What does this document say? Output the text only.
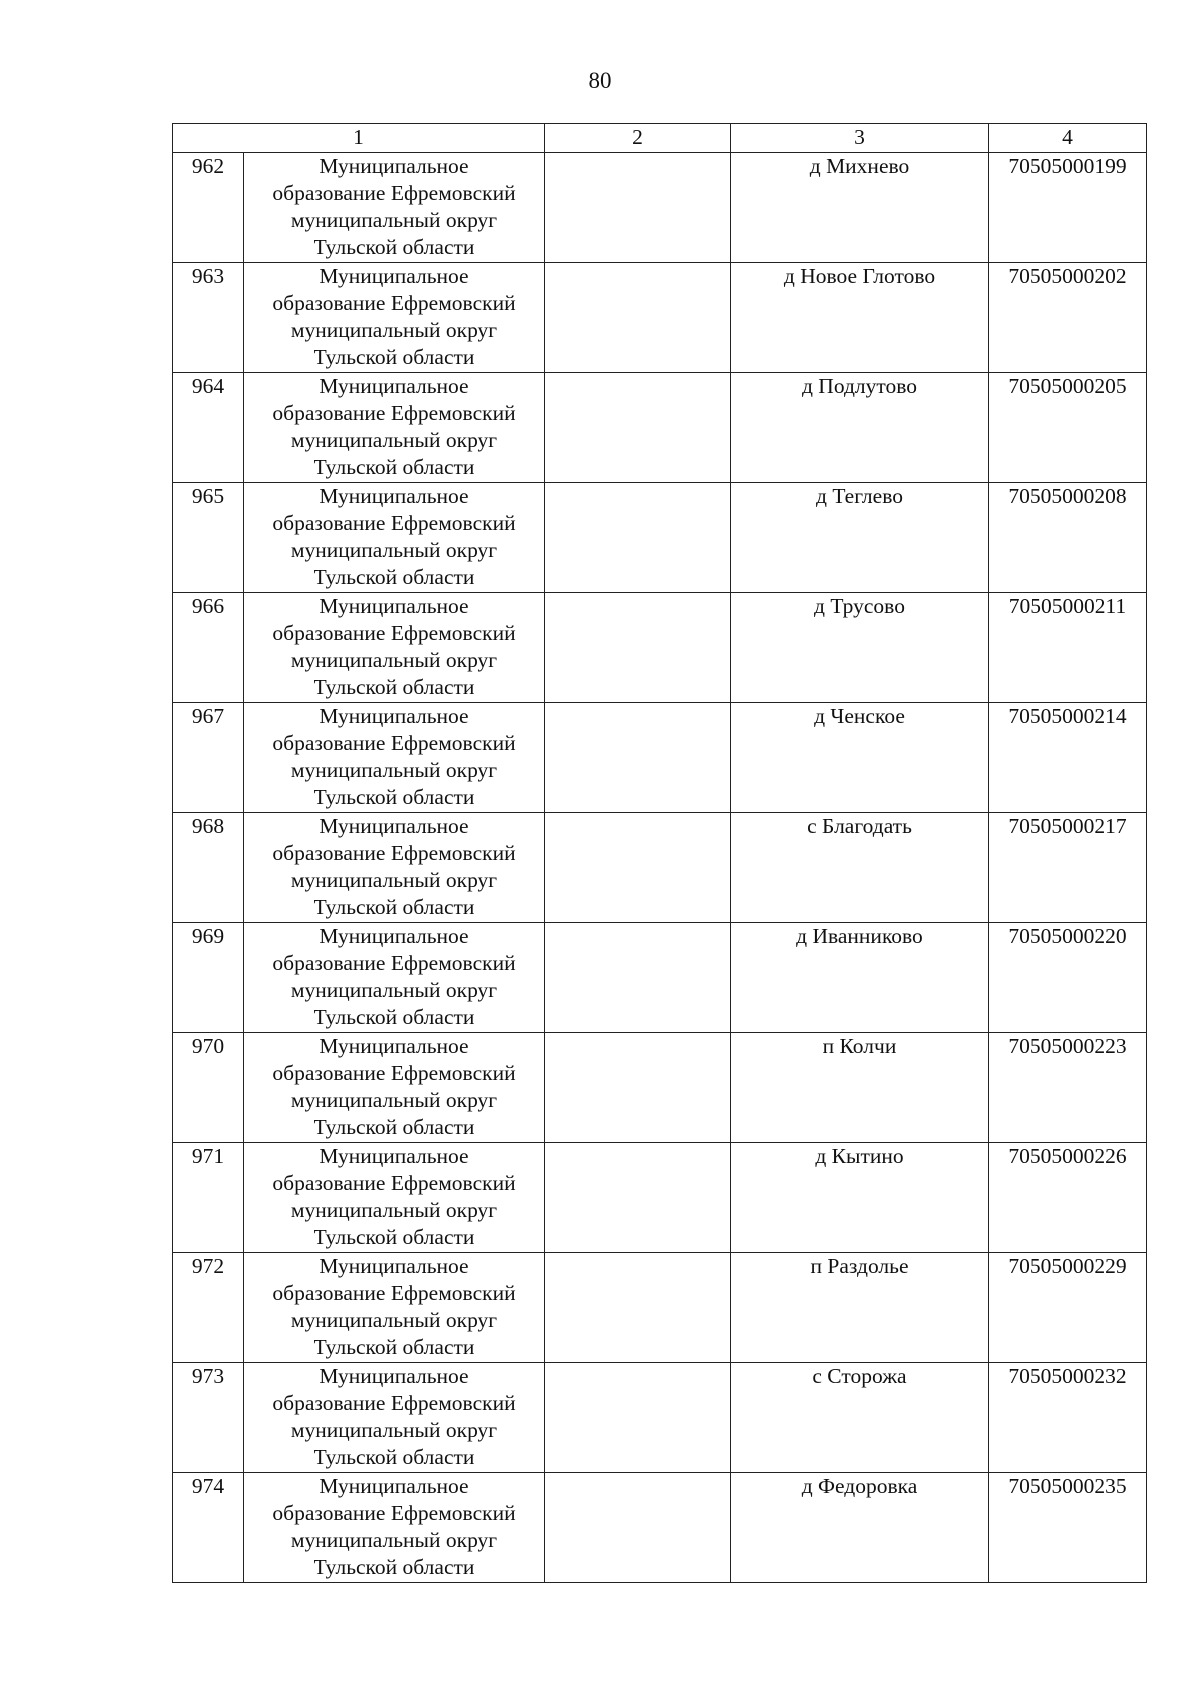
80
1		2	3	4
962	Муниципальное
образование Ефремовский
муниципальный округ
Тульской области		д Михнево	70505000199
963	Муниципальное
образование Ефремовский
муниципальный округ
Тульской области		д Новое Глотово	70505000202
964	Муниципальное
образование Ефремовский
муниципальный округ
Тульской области		д Подлутово	70505000205
965	Муниципальное
образование Ефремовский
муниципальный округ
Тульской области		д Теглево	70505000208
966	Муниципальное
образование Ефремовский
муниципальный округ
Тульской области		д Трусово	70505000211
967	Муниципальное
образование Ефремовский
муниципальный округ
Тульской области		д Ченское	70505000214
968	Муниципальное
образование Ефремовский
муниципальный округ
Тульской области		с Благодать	70505000217
969	Муниципальное
образование Ефремовский
муниципальный округ
Тульской области		д Иванниково	70505000220
970	Муниципальное
образование Ефремовский
муниципальный округ
Тульской области		п Колчи	70505000223
971	Муниципальное
образование Ефремовский
муниципальный округ
Тульской области		д Кытино	70505000226
972	Муниципальное
образование Ефремовский
муниципальный округ
Тульской области		п Раздолье	70505000229
973	Муниципальное
образование Ефремовский
муниципальный округ
Тульской области		с Сторожа	70505000232
974	Муниципальное
образование Ефремовский
муниципальный округ
Тульской области		д Федоровка	70505000235
